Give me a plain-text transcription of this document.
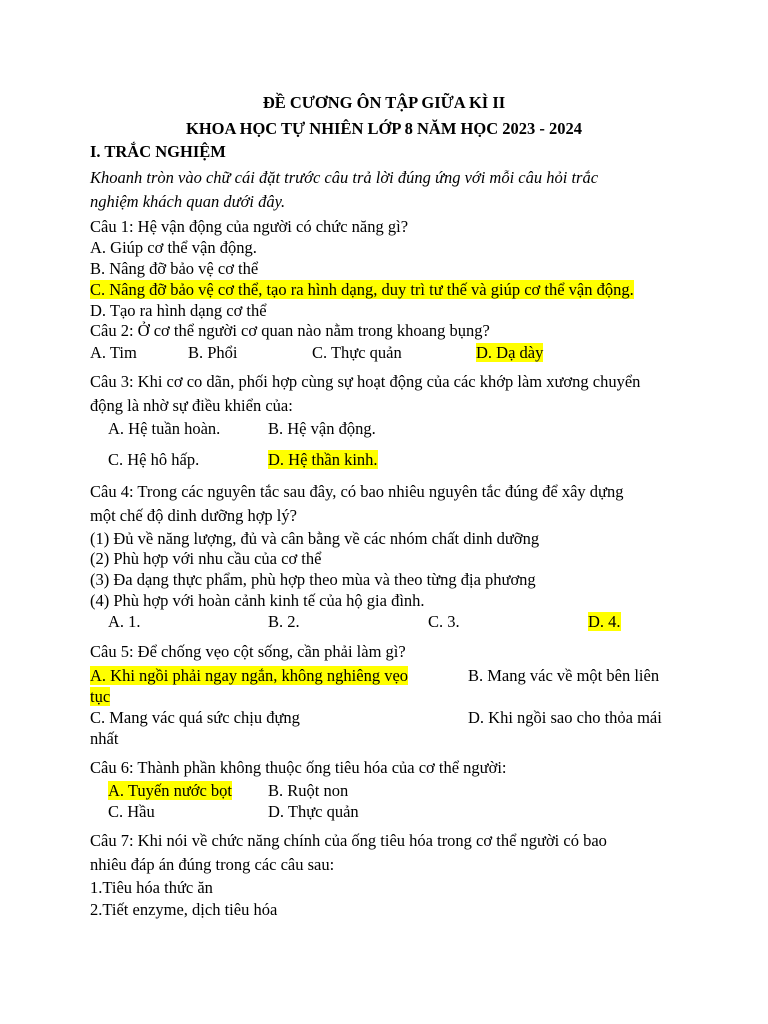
ĐỀ CƯƠNG ÔN TẬP GIỮA KÌ II
KHOA HỌC TỰ NHIÊN LỚP 8 NĂM HỌC 2023 - 2024
I. TRẮC NGHIỆM
Khoanh tròn vào chữ cái đặt trước câu trả lời đúng ứng với mỗi câu hỏi trắc
nghiệm khách quan dưới đây.
Câu 1: Hệ vận động của người có chức năng gì?
A. Giúp cơ thể vận động.
B. Nâng đỡ bảo vệ cơ thể
C. Nâng đỡ bảo vệ cơ thể, tạo ra hình dạng, duy trì tư thế và giúp cơ thể vận động.
D. Tạo ra hình dạng cơ thể
Câu 2: Ở cơ thể người cơ quan nào nằm trong khoang bụng?
A. Tim	B. Phổi	C. Thực quản	D. Dạ dày
Câu 3: Khi cơ co dãn, phối hợp cùng sự hoạt động của các khớp làm xương chuyển
động là nhờ sự điều khiển của:
A. Hệ tuần hoàn.	B. Hệ vận động.
C. Hệ hô hấp.	D. Hệ thần kinh.
Câu 4: Trong các nguyên tắc sau đây, có bao nhiêu nguyên tắc đúng để xây dựng
một chế độ dinh dưỡng hợp lý?
(1) Đủ về năng lượng, đủ và cân bằng về các nhóm chất dinh dưỡng
(2) Phù hợp với nhu cầu của cơ thể
(3) Đa dạng thực phẩm, phù hợp theo mùa và theo từng địa phương
(4) Phù hợp với hoàn cảnh kinh tế của hộ gia đình.
A. 1.	B. 2.	C. 3.	D. 4.
Câu 5: Để chống vẹo cột sống, cần phải làm gì?
A. Khi ngồi phải ngay ngắn, không nghiêng vẹo	B. Mang vác về một bên liên
tục
C. Mang vác quá sức chịu đựng	D. Khi ngồi sao cho thỏa mái
nhất
Câu 6: Thành phần không thuộc ống tiêu hóa của cơ thể người:
A. Tuyến nước bọt B. Ruột non
C. Hầu	D. Thực quản
Câu 7: Khi nói về chức năng chính của ống tiêu hóa trong cơ thể người có bao
nhiêu đáp án đúng trong các câu sau:
1.Tiêu hóa thức ăn
2.Tiết enzyme, dịch tiêu hóa
